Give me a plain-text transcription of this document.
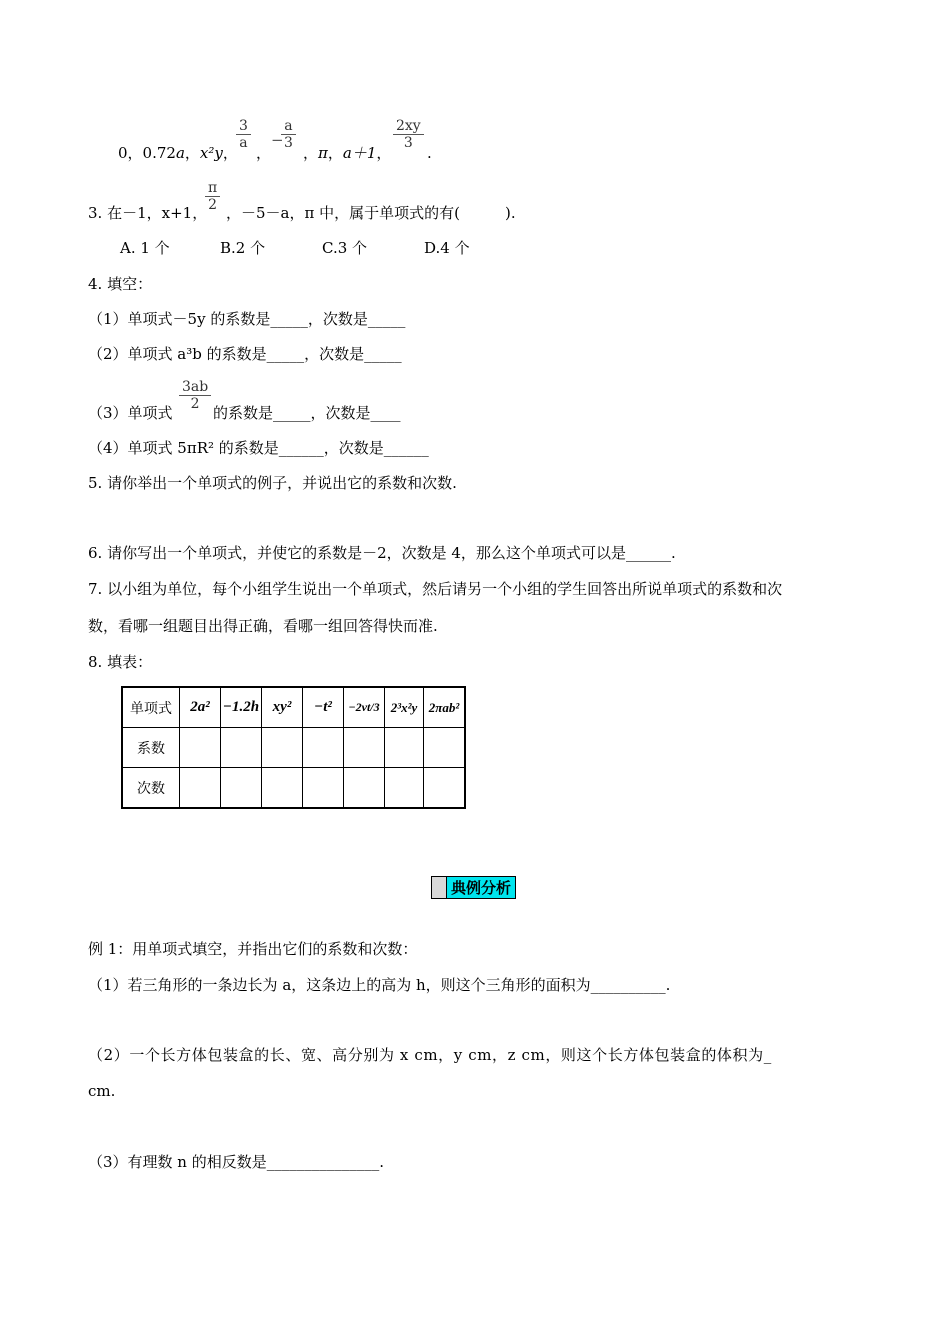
0，0.72a，x²y，
$\frac{3}{a}$
，
−
$\frac{a}{3}$
，π，a＋1，
$\frac{2xy}{3}$
.
3. 在－1，x+1，
$\frac{\pi}{2}$ ，－5－a，π 中，属于单项式的有(　　　).
A. 1 个	B.2 个	C.3 个	D.4 个
4. 填空：
（1）单项式－5y 的系数是_____，次数是_____
（2）单项式 a³b 的系数是_____，次数是_____
（3）单项式
$\frac{3ab}{2}$
的系数是_____，次数是____
（4）单项式 5πR² 的系数是______，次数是______
5. 请你举出一个单项式的例子，并说出它的系数和次数.
6. 请你写出一个单项式，并使它的系数是－2，次数是 4，那么这个单项式可以是______.
7. 以小组为单位，每个小组学生说出一个单项式，然后请另一个小组的学生回答出所说单项式的系数和次
数，看哪一组题目出得正确，看哪一组回答得快而准.
8. 填表：
单项式	2a²	−1.2h	xy²	−t²	−2vt/3	2³x²y	2πab²
系数							
次数							
典例分析
例 1：用单项式填空，并指出它们的系数和次数：
（1）若三角形的一条边长为 a，这条边上的高为 h，则这个三角形的面积为__________.
（2）一个长方体包装盒的长、宽、高分别为 x cm，y cm，z cm，则这个长方体包装盒的体积为_
cm.
（3）有理数 n 的相反数是_______________.
